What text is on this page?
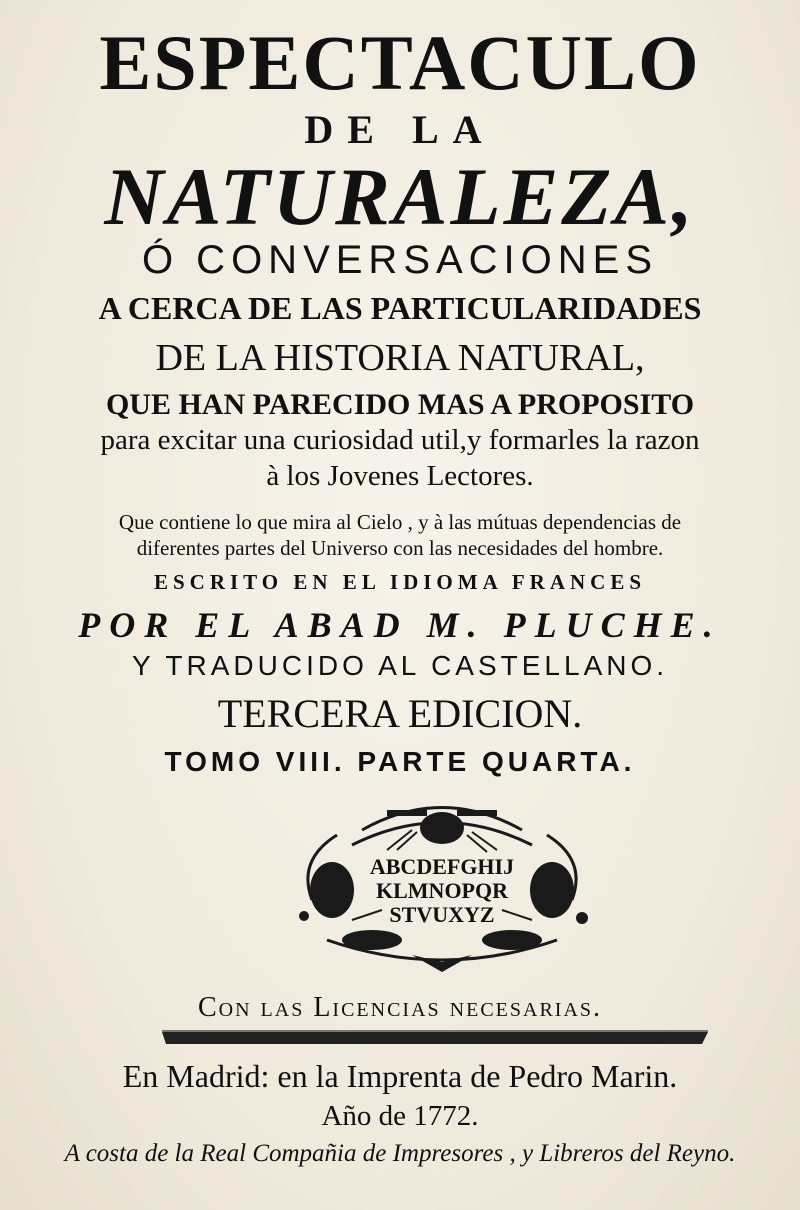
ESPECTACULO
DE LA
NATURALEZA,
Ó CONVERSACIONES
A CERCA DE LAS PARTICULARIDADES
DE LA HISTORIA NATURAL,
QUE HAN PARECIDO MAS A PROPOSITO
para excitar una curiosidad util,y formarles la razon
à los Jovenes Lectores.
Que contiene lo que mira al Cielo , y à las mútuas dependencias de
diferentes partes del Universo con las necesidades del hombre.
ESCRITO EN EL IDIOMA FRANCES
POR EL ABAD M. PLUCHE.
Y TRADUCIDO AL CASTELLANO.
TERCERA EDICION.
TOMO VIII. PARTE QUARTA.
ABCDEFGHIJ
KLMNOPQR
STVUXYZ
Con las Licencias necesarias.
En Madrid: en la Imprenta de Pedro Marin.
Año de 1772.
A costa de la Real Compañia de Impresores , y Libreros del Reyno.
